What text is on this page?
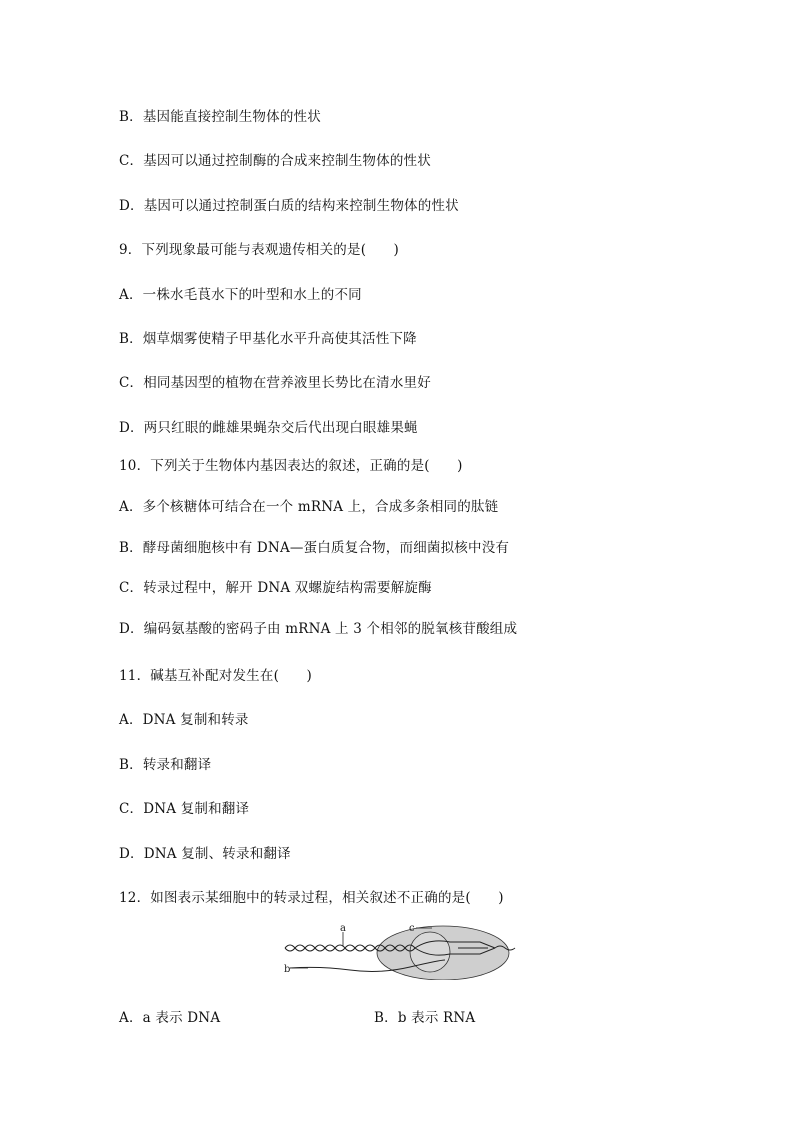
B．基因能直接控制生物体的性状
C．基因可以通过控制酶的合成来控制生物体的性状
D．基因可以通过控制蛋白质的结构来控制生物体的性状
9．下列现象最可能与表观遗传相关的是(　　)
A．一株水毛茛水下的叶型和水上的不同
B．烟草烟雾使精子甲基化水平升高使其活性下降
C．相同基因型的植物在营养液里长势比在清水里好
D．两只红眼的雌雄果蝇杂交后代出现白眼雄果蝇
10．下列关于生物体内基因表达的叙述，正确的是(　　)
A．多个核糖体可结合在一个 mRNA 上，合成多条相同的肽链
B．酵母菌细胞核中有 DNA—蛋白质复合物，而细菌拟核中没有
C．转录过程中，解开 DNA 双螺旋结构需要解旋酶
D．编码氨基酸的密码子由 mRNA 上 3 个相邻的脱氧核苷酸组成
11．碱基互补配对发生在(　　)
A．DNA 复制和转录
B．转录和翻译
C．DNA 复制和翻译
D．DNA 复制、转录和翻译
12．如图表示某细胞中的转录过程，相关叙述不正确的是(　　)
a	c
b
A．a 表示 DNA	B．b 表示 RNA
